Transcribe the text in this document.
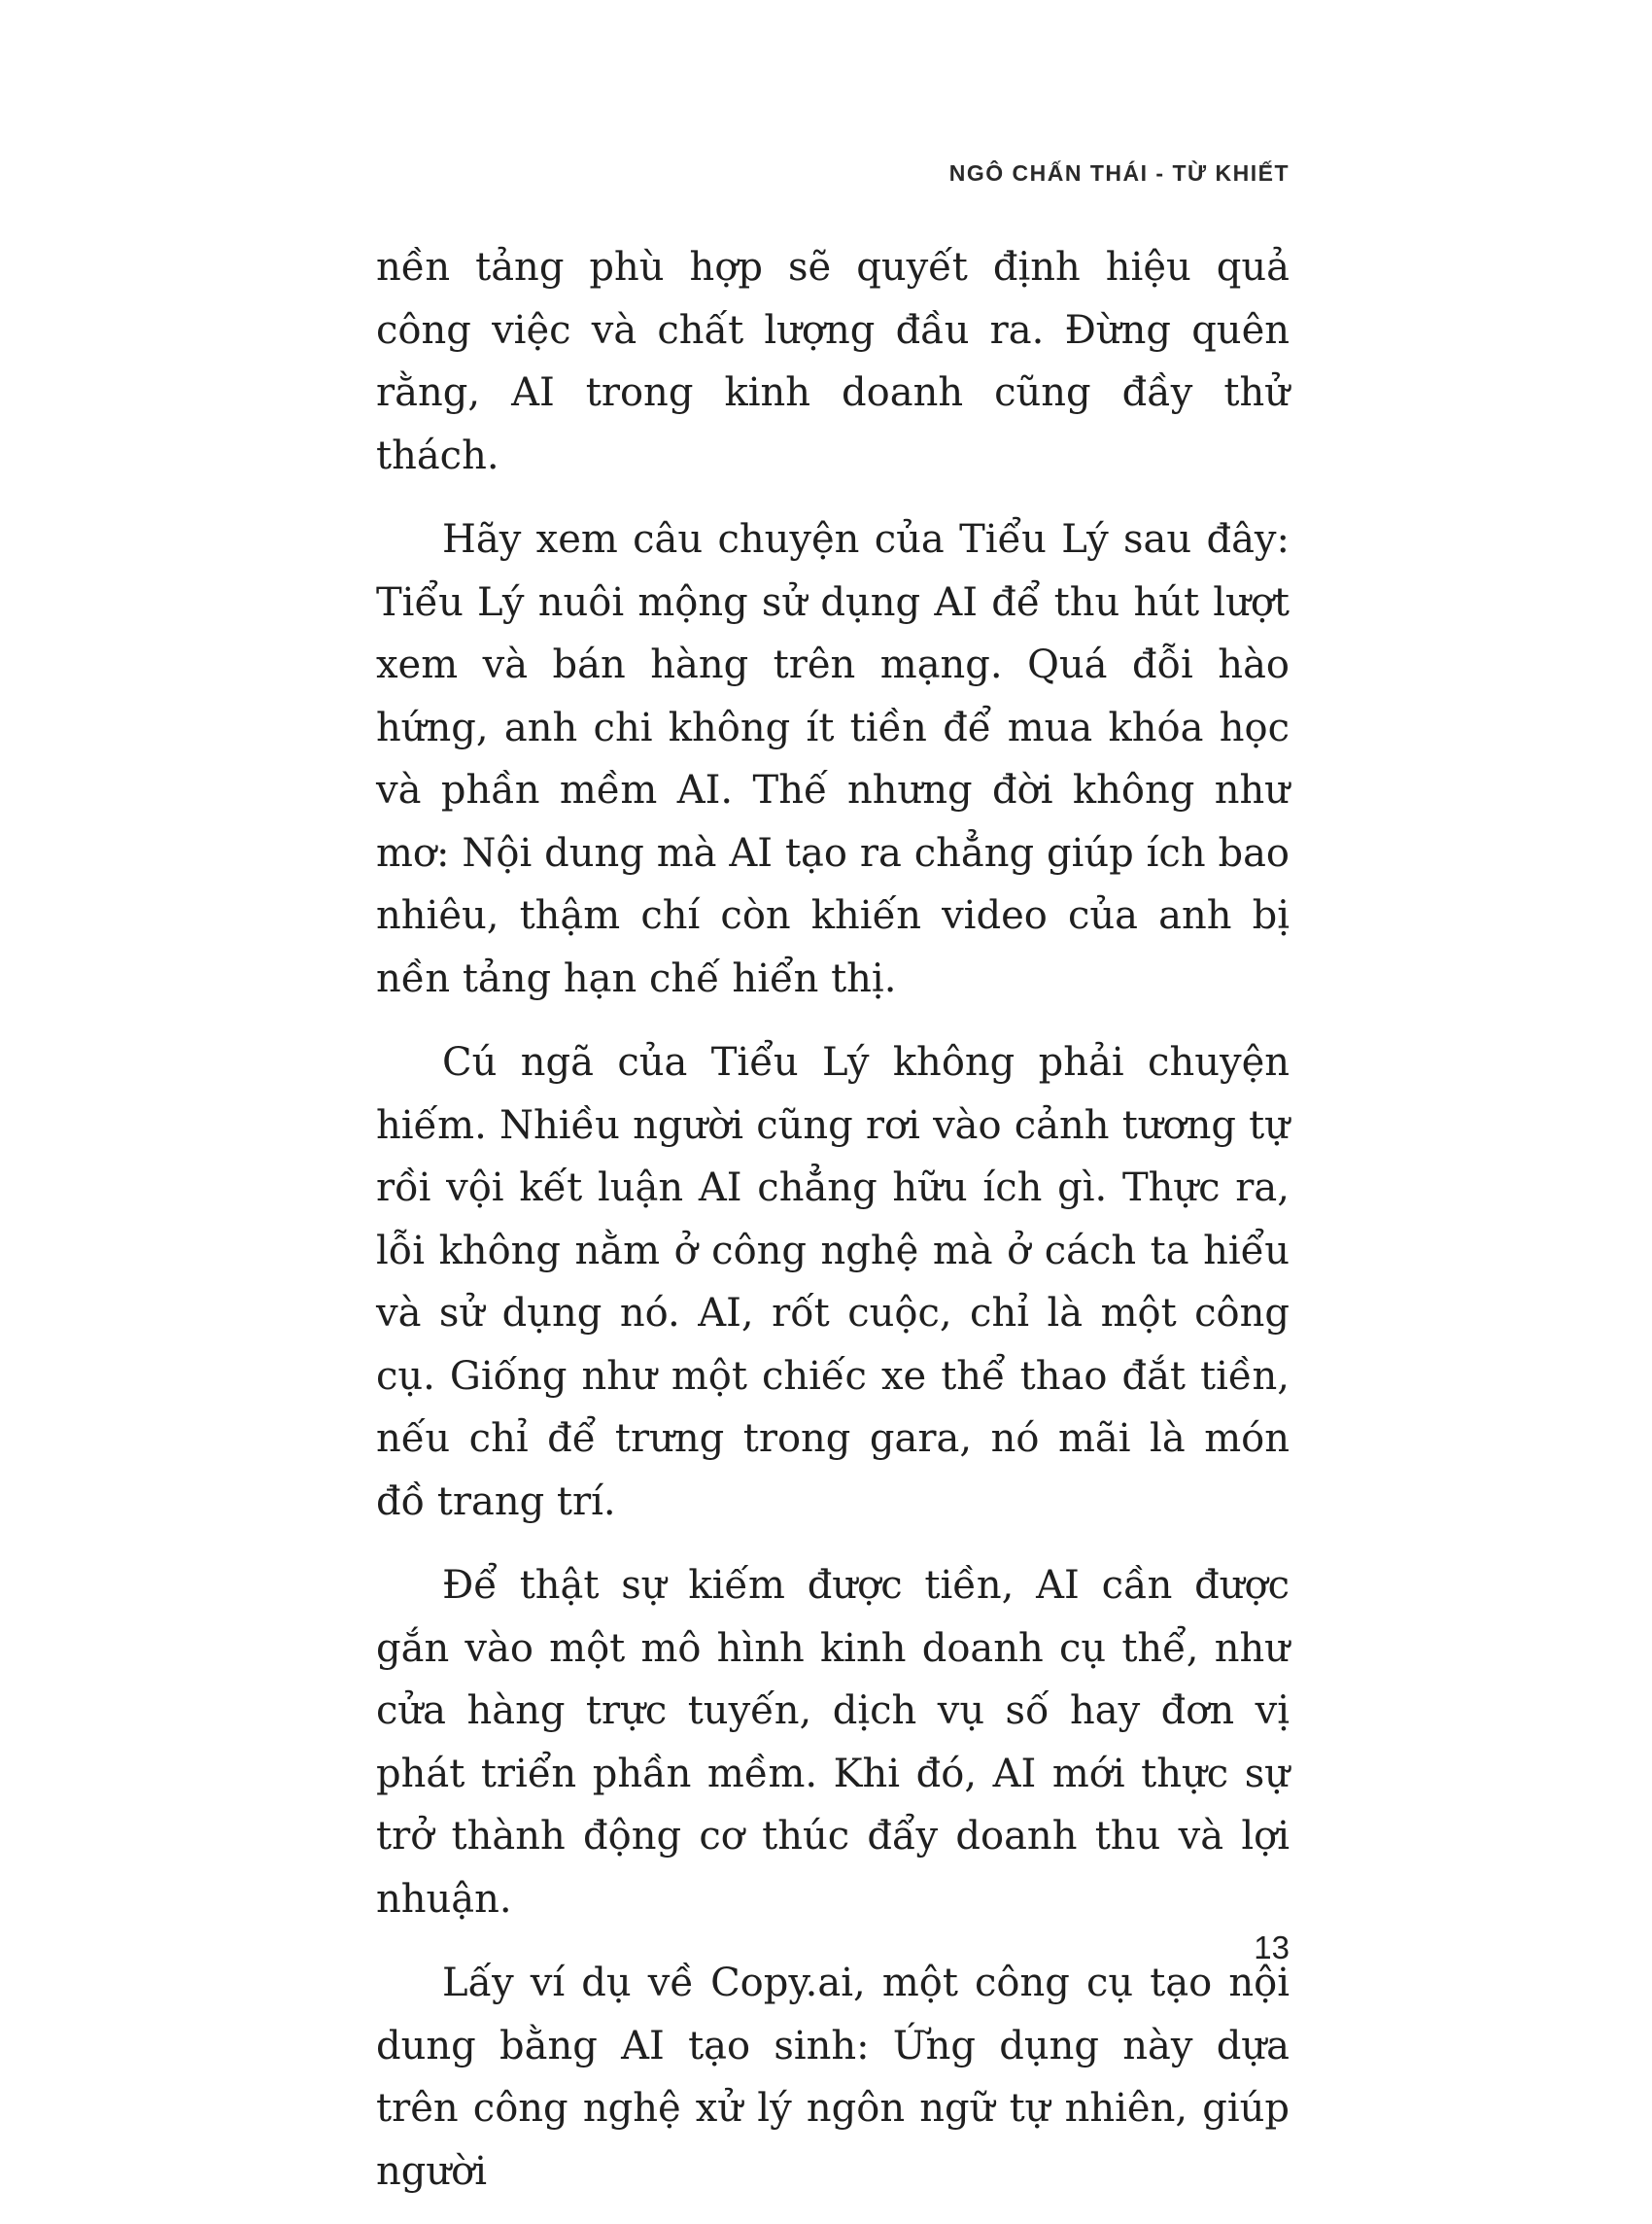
NGÔ CHẤN THÁI - TỪ KHIẾT

nền tảng phù hợp sẽ quyết định hiệu quả công việc và chất lượng đầu ra. Đừng quên rằng, AI trong kinh doanh cũng đầy thử thách.

Hãy xem câu chuyện của Tiểu Lý sau đây: Tiểu Lý nuôi mộng sử dụng AI để thu hút lượt xem và bán hàng trên mạng. Quá đỗi hào hứng, anh chi không ít tiền để mua khóa học và phần mềm AI. Thế nhưng đời không như mơ: Nội dung mà AI tạo ra chẳng giúp ích bao nhiêu, thậm chí còn khiến video của anh bị nền tảng hạn chế hiển thị.

Cú ngã của Tiểu Lý không phải chuyện hiếm. Nhiều người cũng rơi vào cảnh tương tự rồi vội kết luận AI chẳng hữu ích gì. Thực ra, lỗi không nằm ở công nghệ mà ở cách ta hiểu và sử dụng nó. AI, rốt cuộc, chỉ là một công cụ. Giống như một chiếc xe thể thao đắt tiền, nếu chỉ để trưng trong gara, nó mãi là món đồ trang trí.

Để thật sự kiếm được tiền, AI cần được gắn vào một mô hình kinh doanh cụ thể, như cửa hàng trực tuyến, dịch vụ số hay đơn vị phát triển phần mềm. Khi đó, AI mới thực sự trở thành động cơ thúc đẩy doanh thu và lợi nhuận.

Lấy ví dụ về Copy.ai, một công cụ tạo nội dung bằng AI tạo sinh: Ứng dụng này dựa trên công nghệ xử lý ngôn ngữ tự nhiên, giúp người

13
